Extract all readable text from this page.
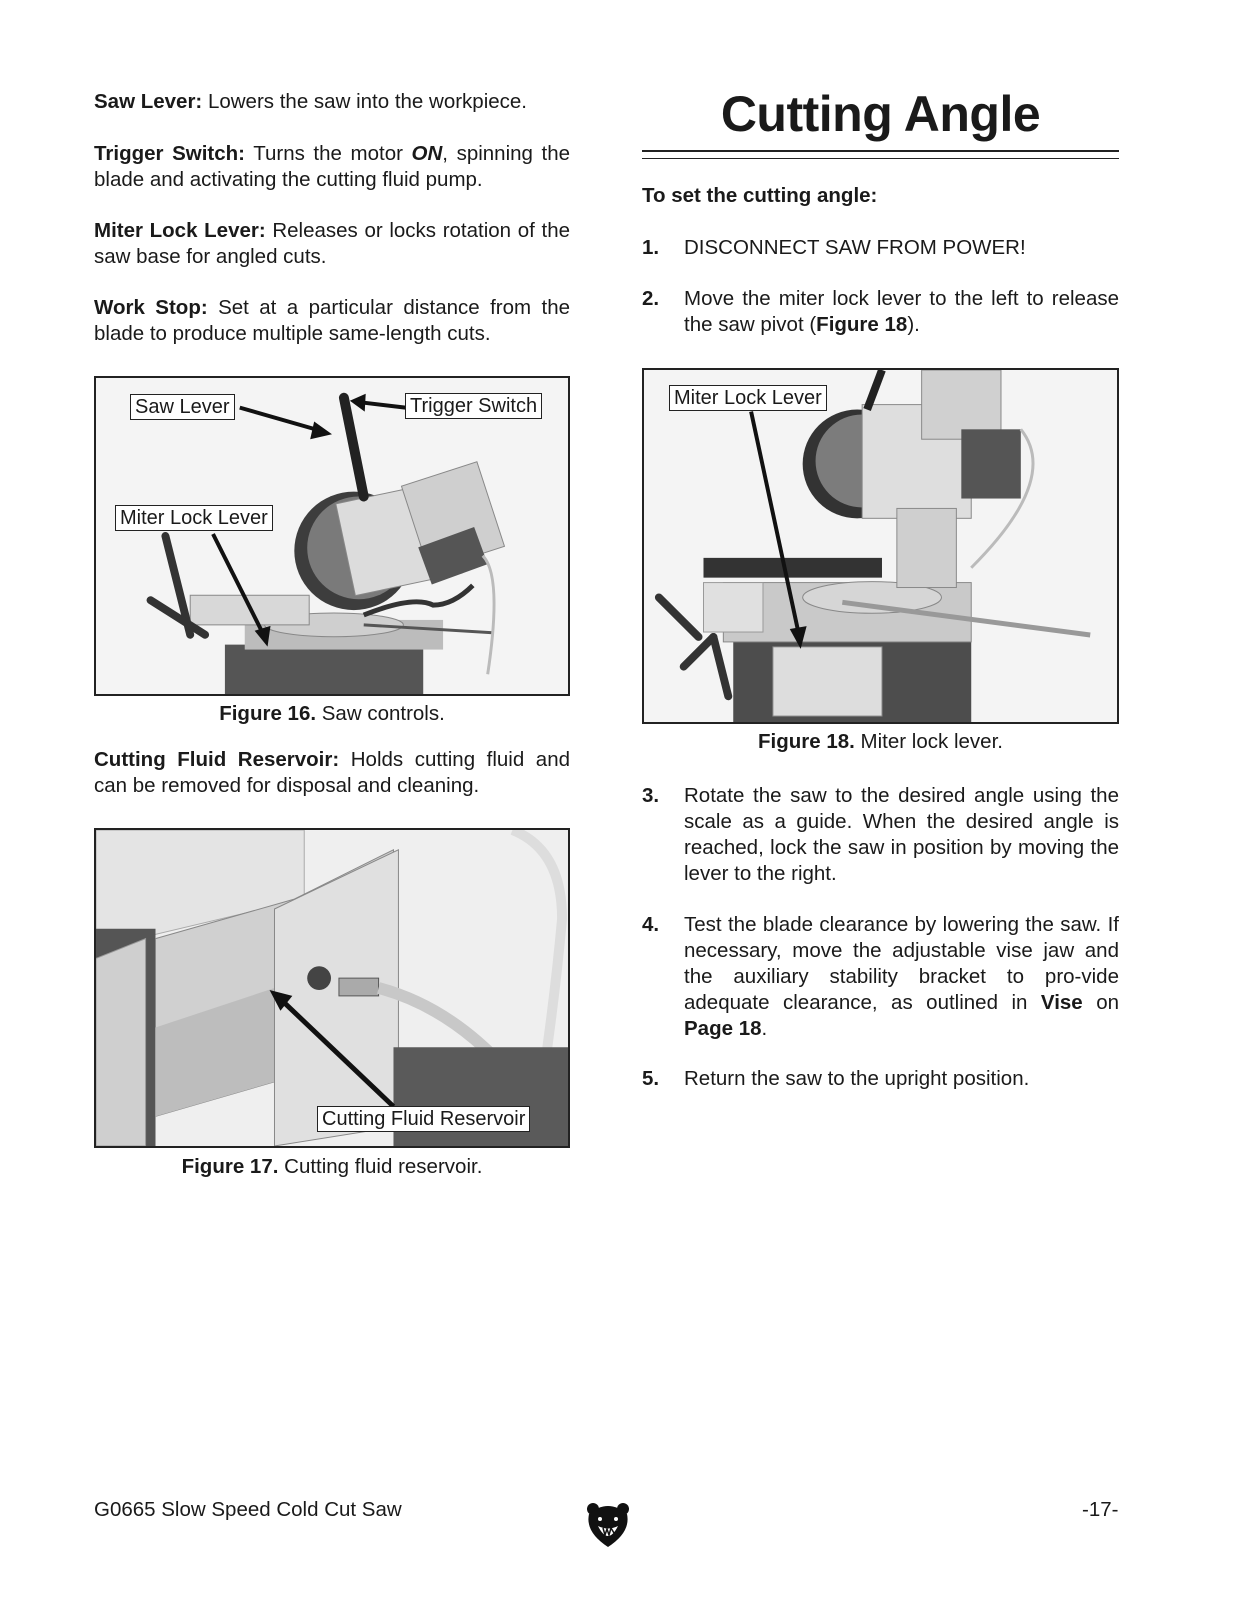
Saw Lever: Lowers the saw into the workpiece.

Trigger Switch: Turns the motor ON, spinning the blade and activating the cutting fluid pump.

Miter Lock Lever: Releases or locks rotation of the saw base for angled cuts.

Work Stop: Set at a particular distance from the blade to produce multiple same-length cuts.

Saw Lever	Trigger Switch
Miter Lock Lever
Figure 16. Saw controls.

Cutting Fluid Reservoir: Holds cutting fluid and can be removed for disposal and cleaning.

Cutting Fluid Reservoir
Figure 17. Cutting fluid reservoir.
Cutting Angle
To set the cutting angle:
1. DISCONNECT SAW FROM POWER!
2. Move the miter lock lever to the left to release the saw pivot (Figure 18).
Miter Lock Lever
Figure 18. Miter lock lever.
3. Rotate the saw to the desired angle using the scale as a guide. When the desired angle is reached, lock the saw in position by moving the lever to the right.
4. Test the blade clearance by lowering the saw. If necessary, move the adjustable vise jaw and the auxiliary stability bracket to pro-vide adequate clearance, as outlined in Vise on Page 18.
5. Return the saw to the upright position.
G0665 Slow Speed Cold Cut Saw	-17-
